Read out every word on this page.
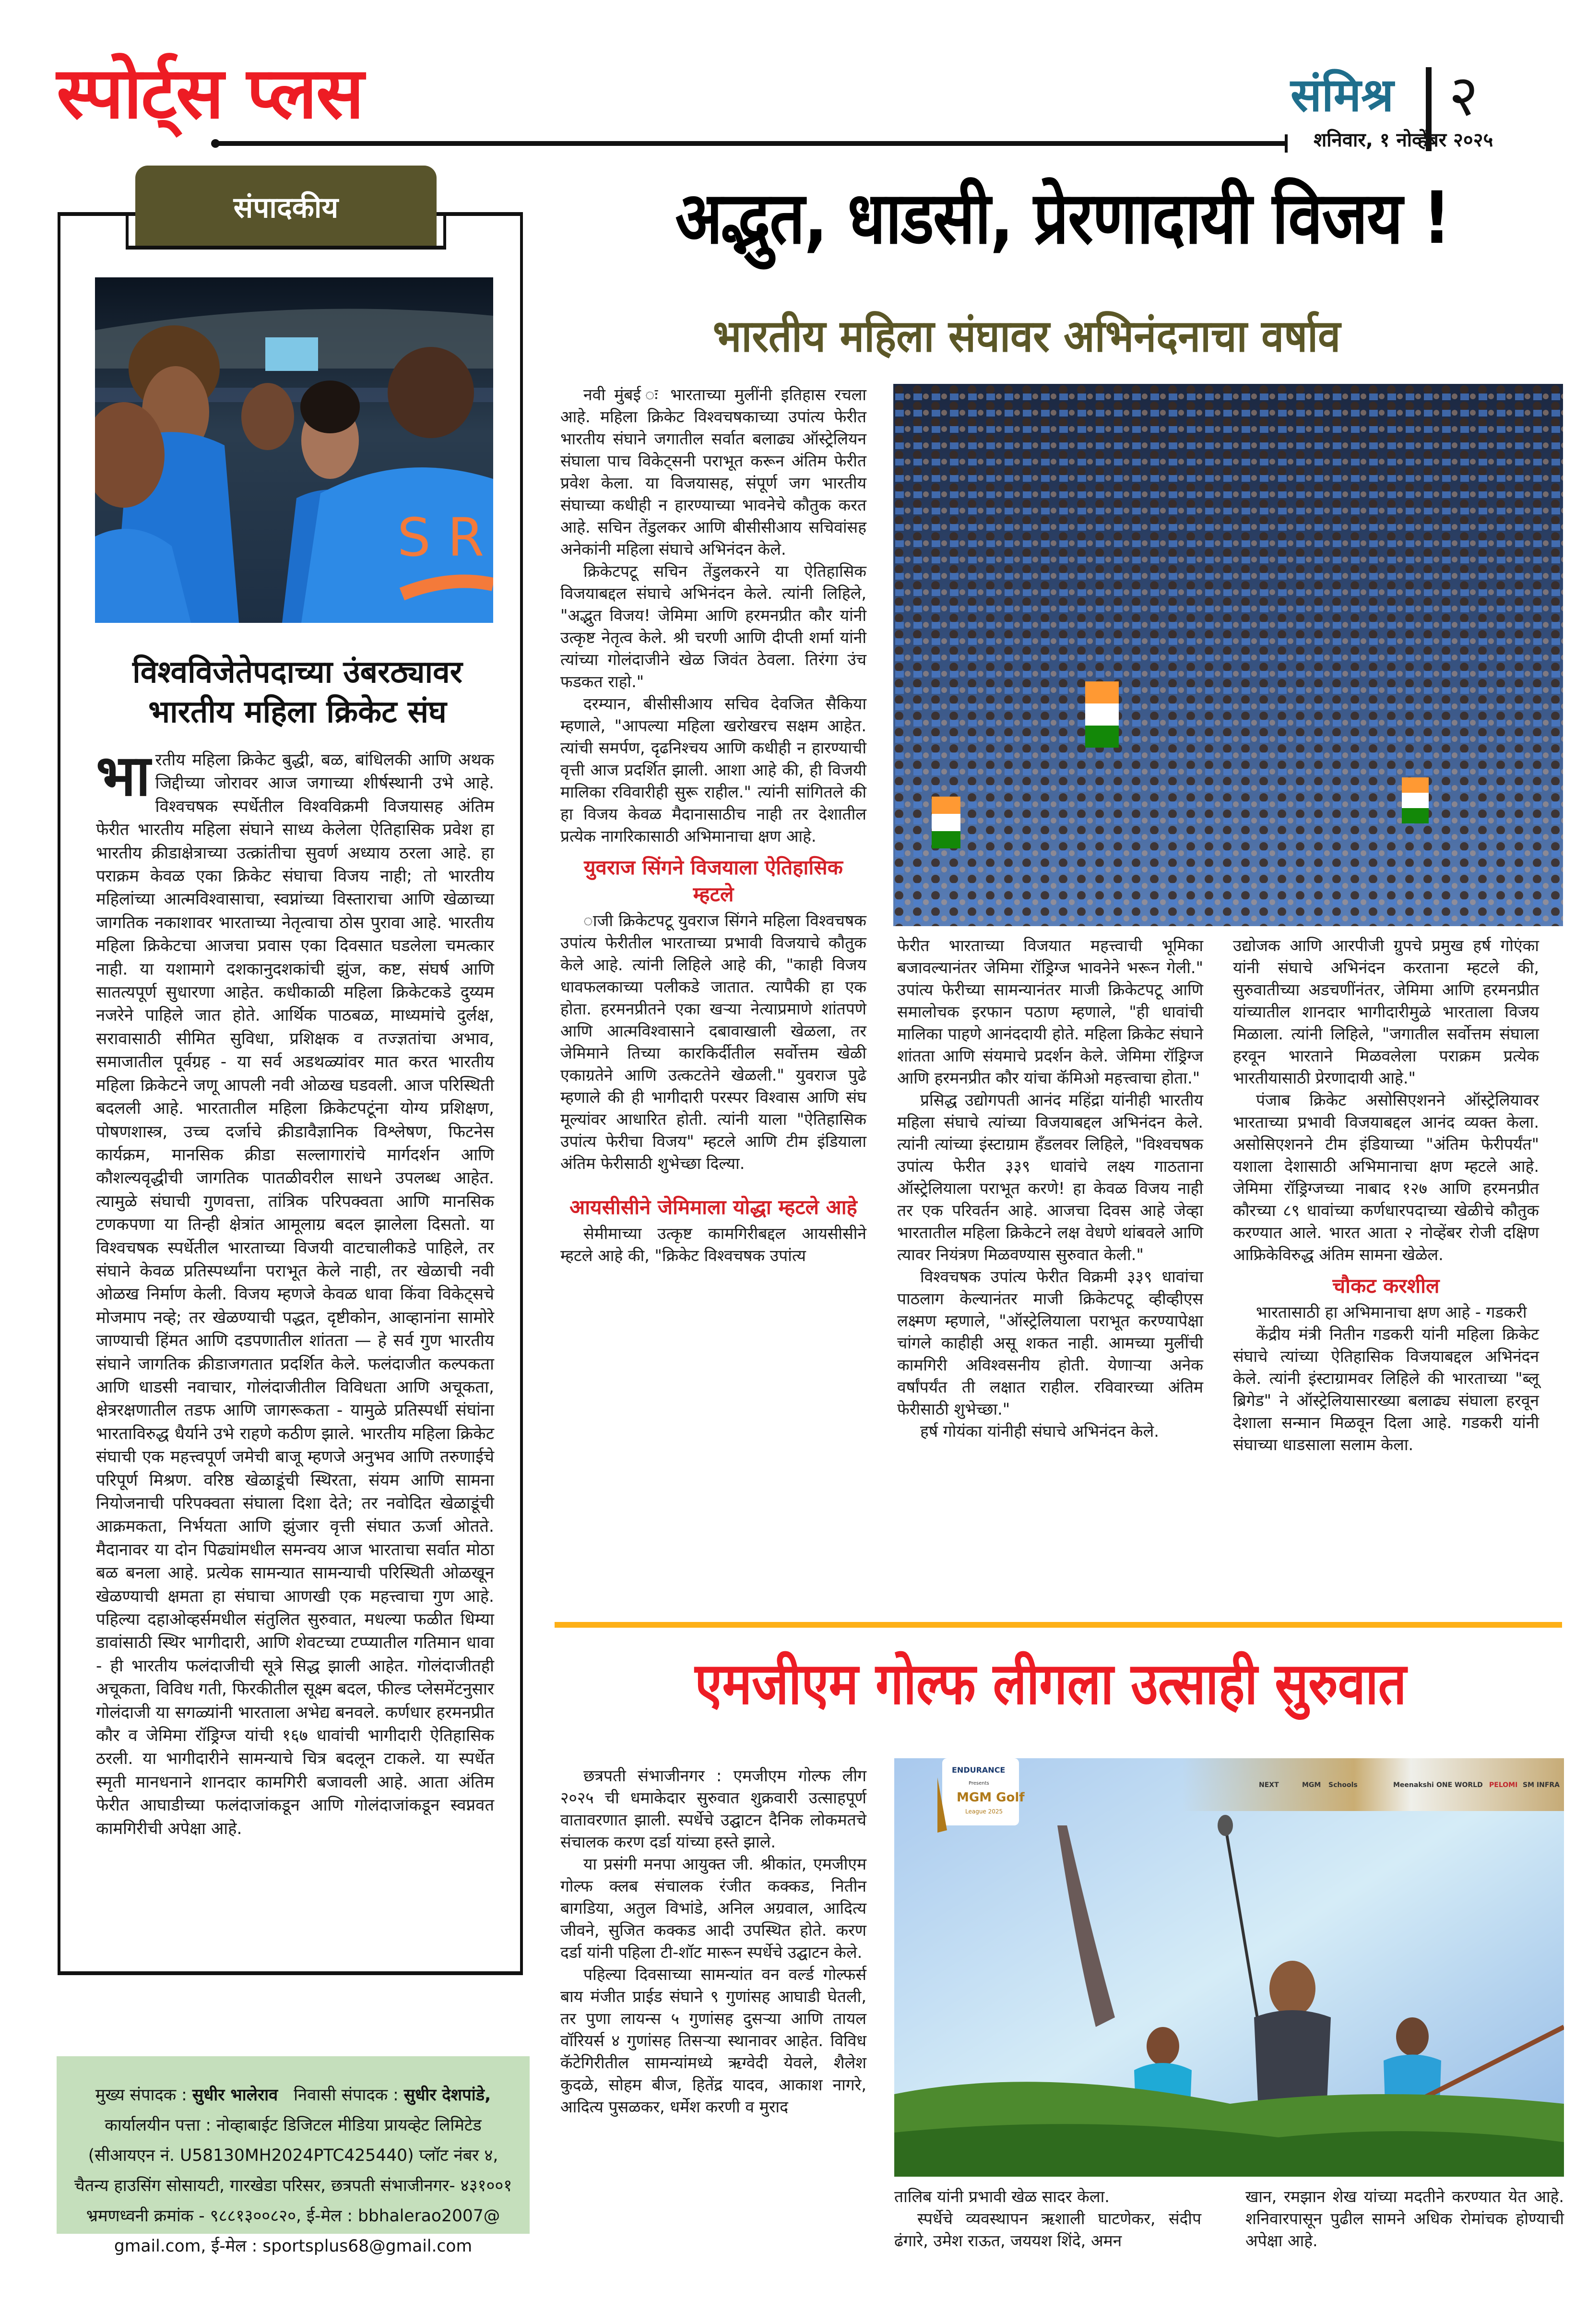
स्पोर्ट्स प्लस	संमिश्र २
शनिवार, १ नोव्हेंबर २०२५
संपादकीय
S R
विश्वविजेतेपदाच्या उंबरठ्यावर
भारतीय महिला क्रिकेट संघ
भा रतीय महिला क्रिकेट बुद्धी, बळ, बांधिलकी आणि अथक जिद्दीच्या जोरावर आज जगाच्या शीर्षस्थानी उभे आहे. विश्वचषक स्पर्धेतील विश्वविक्रमी विजयासह अंतिम फेरीत भारतीय महिला संघाने साध्य केलेला ऐतिहासिक प्रवेश हा भारतीय क्रीडाक्षेत्राच्या उत्क्रांतीचा सुवर्ण अध्याय ठरला आहे. हा पराक्रम केवळ एका क्रिकेट संघाचा विजय नाही; तो भारतीय महिलांच्या आत्मविश्वासाचा, स्वप्नांच्या विस्ताराचा आणि खेळाच्या जागतिक नकाशावर भारताच्या नेतृत्वाचा ठोस पुरावा आहे. भारतीय महिला क्रिकेटचा आजचा प्रवास एका दिवसात घडलेला चमत्कार नाही. या यशामागे दशकानुदशकांची झुंज, कष्ट, संघर्ष आणि सातत्यपूर्ण सुधारणा आहेत. कधीकाळी महिला क्रिकेटकडे दुय्यम नजरेने पाहिले जात होते. आर्थिक पाठबळ, माध्यमांचे दुर्लक्ष, सरावासाठी सीमित सुविधा, प्रशिक्षक व तज्ज्ञतांचा अभाव, समाजातील पूर्वग्रह - या सर्व अडथळ्यांवर मात करत भारतीय महिला क्रिकेटने जणू आपली नवी ओळख घडवली. आज परिस्थिती बदलली आहे. भारतातील महिला क्रिकेटपटूंना योग्य प्रशिक्षण, पोषणशास्त्र, उच्च दर्जाचे क्रीडावैज्ञानिक विश्लेषण, फिटनेस कार्यक्रम, मानसिक क्रीडा सल्लागारांचे मार्गदर्शन आणि कौशल्यवृद्धीची जागतिक पातळीवरील साधने उपलब्ध आहेत. त्यामुळे संघाची गुणवत्ता, तांत्रिक परिपक्वता आणि मानसिक टणकपणा या तिन्ही क्षेत्रांत आमूलाग्र बदल झालेला दिसतो. या विश्वचषक स्पर्धेतील भारताच्या विजयी वाटचालीकडे पाहिले, तर संघाने केवळ प्रतिस्पर्ध्यांना पराभूत केले नाही, तर खेळाची नवी ओळख निर्माण केली. विजय म्हणजे केवळ धावा किंवा विकेट्सचे मोजमाप नव्हे; तर खेळण्याची पद्धत, दृष्टीकोन, आव्हानांना सामोरे जाण्याची हिंमत आणि दडपणातील शांतता — हे सर्व गुण भारतीय संघाने जागतिक क्रीडाजगतात प्रदर्शित केले. फलंदाजीत कल्पकता आणि धाडसी नवाचार, गोलंदाजीतील विविधता आणि अचूकता, क्षेत्ररक्षणातील तडफ आणि जागरूकता - यामुळे प्रतिस्पर्धी संघांना भारताविरुद्ध धैर्याने उभे राहणे कठीण झाले. भारतीय महिला क्रिकेट संघाची एक महत्त्वपूर्ण जमेची बाजू म्हणजे अनुभव आणि तरुणाईचे परिपूर्ण मिश्रण. वरिष्ठ खेळाडूंची स्थिरता, संयम आणि सामना नियोजनाची परिपक्वता संघाला दिशा देते; तर नवोदित खेळाडूंची आक्रमकता, निर्भयता आणि झुंजार वृत्ती संघात ऊर्जा ओतते. मैदानावर या दोन पिढ्यांमधील समन्वय आज भारताचा सर्वात मोठा बळ बनला आहे. प्रत्येक सामन्यात सामन्याची परिस्थिती ओळखून खेळण्याची क्षमता हा संघाचा आणखी एक महत्त्वाचा गुण आहे. पहिल्या दहाओव्हर्समधील संतुलित सुरुवात, मधल्या फळीत धिम्या डावांसाठी स्थिर भागीदारी, आणि शेवटच्या टप्प्यातील गतिमान धावा - ही भारतीय फलंदाजीची सूत्रे सिद्ध झाली आहेत. गोलंदाजीतही अचूकता, विविध गती, फिरकीतील सूक्ष्म बदल, फील्ड प्लेसमेंटनुसार गोलंदाजी या सगळ्यांनी भारताला अभेद्य बनवले. कर्णधार हरमनप्रीत कौर व जेमिमा रॉड्रिग्ज यांची १६७ धावांची भागीदारी ऐतिहासिक ठरली. या भागीदारीने सामन्याचे चित्र बदलून टाकले. या स्पर्धेत स्मृती मानधनाने शानदार कामगिरी बजावली आहे. आता अंतिम फेरीत आघाडीच्या फलंदाजांकडून आणि गोलंदाजांकडून स्वप्नवत कामगिरीची अपेक्षा आहे.
मुख्य संपादक : सुधीर भालेराव निवासी संपादक : सुधीर देशपांडे,
कार्यालयीन पत्ता : नोव्हाबाईट डिजिटल मीडिया प्रायव्हेट लिमिटेड (सीआयएन नं. U58130MH2024PTC425440) प्लॉट नंबर ४, चैतन्य हाउसिंग सोसायटी, गारखेडा परिसर, छत्रपती संभाजीनगर- ४३१००१
भ्रमणध्वनी क्रमांक - ९८८१३००८२०, ई-मेल : bbhalerao2007@ gmail.com, ई-मेल : sportsplus68@gmail.com
अद्भुत, धाडसी, प्रेरणादायी विजय !
भारतीय महिला संघावर अभिनंदनाचा वर्षाव

नवी मुंबई ः भारताच्या मुलींनी इतिहास रचला आहे. महिला क्रिकेट विश्वचषकाच्या उपांत्य फेरीत भारतीय संघाने जगातील सर्वात बलाढ्य ऑस्ट्रेलियन संघाला पाच विकेट्सनी पराभूत करून अंतिम फेरीत प्रवेश केला. या विजयासह, संपूर्ण जग भारतीय संघाच्या कधीही न हारण्याच्या भावनेचे कौतुक करत आहे. सचिन तेंडुलकर आणि बीसीसीआय सचिवांसह अनेकांनी महिला संघाचे अभिनंदन केले.

क्रिकेटपटू सचिन तेंडुलकरने या ऐतिहासिक विजयाबद्दल संघाचे अभिनंदन केले. त्यांनी लिहिले, "अद्भुत विजय! जेमिमा आणि हरमनप्रीत कौर यांनी उत्कृष्ट नेतृत्व केले. श्री चरणी आणि दीप्ती शर्मा यांनी त्यांच्या गोलंदाजीने खेळ जिवंत ठेवला. तिरंगा उंच फडकत राहो."

दरम्यान, बीसीसीआय सचिव देवजित सैकिया म्हणाले, "आपल्या महिला खरोखरच सक्षम आहेत. त्यांची समर्पण, दृढनिश्चय आणि कधीही न हारण्याची वृत्ती आज प्रदर्शित झाली. आशा आहे की, ही विजयी मालिका रविवारीही सुरू राहील." त्यांनी सांगितले की हा विजय केवळ मैदानासाठीच नाही तर देशातील प्रत्येक नागरिकासाठी अभिमानाचा क्षण आहे.

युवराज सिंगने विजयाला ऐतिहासिक म्हटले

ाजी क्रिकेटपटू युवराज सिंगने महिला विश्वचषक उपांत्य फेरीतील भारताच्या प्रभावी विजयाचे कौतुक केले आहे. त्यांनी लिहिले आहे की, "काही विजय धावफलकाच्या पलीकडे जातात. त्यापैकी हा एक होता. हरमनप्रीतने एका खऱ्या नेत्याप्रमाणे शांतपणे आणि आत्मविश्वासाने दबावाखाली खेळला, तर जेमिमाने तिच्या कारकिर्दीतील सर्वोत्तम खेळी एकाग्रतेने आणि उत्कटतेने खेळली." युवराज पुढे म्हणाले की ही भागीदारी परस्पर विश्वास आणि संघ मूल्यांवर आधारित होती. त्यांनी याला "ऐतिहासिक उपांत्य फेरीचा विजय" म्हटले आणि टीम इंडियाला अंतिम फेरीसाठी शुभेच्छा दिल्या.

आयसीसीने जेमिमाला योद्धा म्हटले आहे

सेमीमाच्या उत्कृष्ट कामगिरीबद्दल आयसीसीने म्हटले आहे की, "क्रिकेट विश्वचषक उपांत्य

फेरीत भारताच्या विजयात महत्त्वाची भूमिका बजावल्यानंतर जेमिमा रॉड्रिग्ज भावनेने भरून गेली." उपांत्य फेरीच्या सामन्यानंतर माजी क्रिकेटपटू आणि समालोचक इरफान पठाण म्हणाले, "ही धावांची मालिका पाहणे आनंददायी होते. महिला क्रिकेट संघाने शांतता आणि संयमाचे प्रदर्शन केले. जेमिमा रॉड्रिग्ज आणि हरमनप्रीत कौर यांचा कॅमिओ महत्त्वाचा होता."

प्रसिद्ध उद्योगपती आनंद महिंद्रा यांनीही भारतीय महिला संघाचे त्यांच्या विजयाबद्दल अभिनंदन केले. त्यांनी त्यांच्या इंस्टाग्राम हँडलवर लिहिले, "विश्वचषक उपांत्य फेरीत ३३९ धावांचे लक्ष्य गाठताना ऑस्ट्रेलियाला पराभूत करणे! हा केवळ विजय नाही तर एक परिवर्तन आहे. आजचा दिवस आहे जेव्हा भारतातील महिला क्रिकेटने लक्ष वेधणे थांबवले आणि त्यावर नियंत्रण मिळवण्यास सुरुवात केली."

विश्वचषक उपांत्य फेरीत विक्रमी ३३९ धावांचा पाठलाग केल्यानंतर माजी क्रिकेटपटू व्हीव्हीएस लक्ष्मण म्हणाले, "ऑस्ट्रेलियाला पराभूत करण्यापेक्षा चांगले काहीही असू शकत नाही. आमच्या मुलींची कामगिरी अविश्वसनीय होती. येणाऱ्या अनेक वर्षांपर्यंत ती लक्षात राहील. रविवारच्या अंतिम फेरीसाठी शुभेच्छा."

हर्ष गोयंका यांनीही संघाचे अभिनंदन केले.

उद्योजक आणि आरपीजी ग्रुपचे प्रमुख हर्ष गोएंका यांनी संघाचे अभिनंदन करताना म्हटले की, सुरुवातीच्या अडचणींनंतर, जेमिमा आणि हरमनप्रीत यांच्यातील शानदार भागीदारीमुळे भारताला विजय मिळाला. त्यांनी लिहिले, "जगातील सर्वोत्तम संघाला हरवून भारताने मिळवलेला पराक्रम प्रत्येक भारतीयासाठी प्रेरणादायी आहे."

पंजाब क्रिकेट असोसिएशनने ऑस्ट्रेलियावर भारताच्या प्रभावी विजयाबद्दल आनंद व्यक्त केला. असोसिएशनने टीम इंडियाच्या "अंतिम फेरीपर्यंत" यशाला देशासाठी अभिमानाचा क्षण म्हटले आहे. जेमिमा रॉड्रिग्जच्या नाबाद १२७ आणि हरमनप्रीत कौरच्या ८९ धावांच्या कर्णधारपदाच्या खेळीचे कौतुक करण्यात आले. भारत आता २ नोव्हेंबर रोजी दक्षिण आफ्रिकेविरुद्ध अंतिम सामना खेळेल.

चौकट करशील

भारतासाठी हा अभिमानाचा क्षण आहे - गडकरी

केंद्रीय मंत्री नितीन गडकरी यांनी महिला क्रिकेट संघाचे त्यांच्या ऐतिहासिक विजयाबद्दल अभिनंदन केले. त्यांनी इंस्टाग्रामवर लिहिले की भारताच्या "ब्लू ब्रिगेड" ने ऑस्ट्रेलियासारख्या बलाढ्य संघाला हरवून देशाला सन्मान मिळवून दिला आहे. गडकरी यांनी संघाच्या धाडसाला सलाम केला.

एमजीएम गोल्फ लीगला उत्साही सुरुवात

छत्रपती संभाजीनगर : एमजीएम गोल्फ लीग २०२५ ची धमाकेदार सुरुवात शुक्रवारी उत्साहपूर्ण वातावरणात झाली. स्पर्धेचे उद्घाटन दैनिक लोकमतचे संचालक करण दर्डा यांच्या हस्ते झाले.

या प्रसंगी मनपा आयुक्त जी. श्रीकांत, एमजीएम गोल्फ क्लब संचालक रंजीत कक्कड, नितीन बागडिया, अतुल विभांडे, अनिल अग्रवाल, आदित्य जीवने, सुजित कक्कड आदी उपस्थित होते. करण दर्डा यांनी पहिला टी-शॉट मारून स्पर्धेचे उद्घाटन केले.

पहिल्या दिवसाच्या सामन्यांत वन वर्ल्ड गोल्फर्स बाय मंजीत प्राईड संघाने ९ गुणांसह आघाडी घेतली, तर पुणा लायन्स ५ गुणांसह दुसऱ्या आणि तायल वॉरियर्स ४ गुणांसह तिसऱ्या स्थानावर आहेत. विविध कॅटेगिरीतील सामन्यांमध्ये ऋग्वेदी येवले, शैलेश कुदळे, सोहम बीज, हितेंद्र यादव, आकाश नागरे, आदित्य पुसळकर, धर्मेश करणी व मुराद

ENDURANCE
Presents
MGM Golf
League 2025
NEXT	MGM Schools	Meenakshi ONE WORLD PELOMI SM INFRA

तालिब यांनी प्रभावी खेळ सादर केला.

स्पर्धेचे व्यवस्थापन ऋशाली घाटणेकर, संदीप ढंगारे, उमेश राऊत, जययश शिंदे, अमन

खान, रमझान शेख यांच्या मदतीने करण्यात येत आहे. शनिवारपासून पुढील सामने अधिक रोमांचक होण्याची अपेक्षा आहे.
